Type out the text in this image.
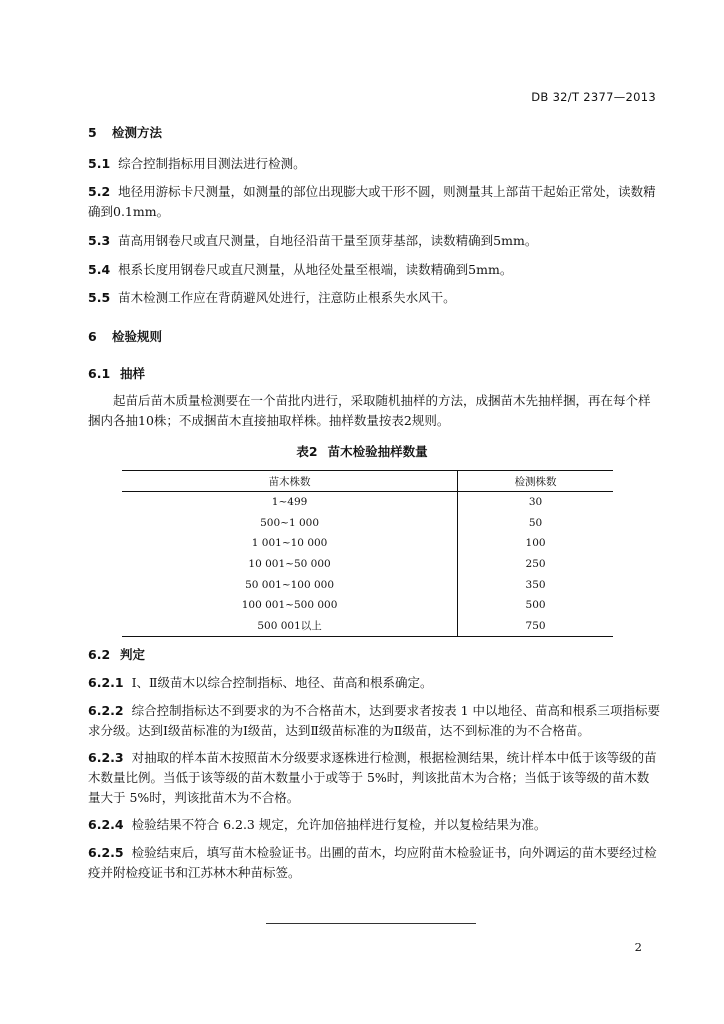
DB 32/T 2377—2013
5 检测方法
5.1 综合控制指标用目测法进行检测。
5.2 地径用游标卡尺测量，如测量的部位出现膨大或干形不圆，则测量其上部苗干起始正常处，读数精确到0.1mm。
5.3 苗高用钢卷尺或直尺测量，自地径沿苗干量至顶芽基部，读数精确到5mm。
5.4 根系长度用钢卷尺或直尺测量，从地径处量至根端，读数精确到5mm。
5.5 苗木检测工作应在背荫避风处进行，注意防止根系失水风干。
6 检验规则
6.1 抽样
起苗后苗木质量检测要在一个苗批内进行，采取随机抽样的方法，成捆苗木先抽样捆，再在每个样捆内各抽10株；不成捆苗木直接抽取样株。抽样数量按表2规则。
表2 苗木检验抽样数量
苗木株数	检测株数
1~499	30
500~1 000	50
1 001~10 000	100
10 001~50 000	250
50 001~100 000	350
100 001~500 000	500
500 001以上	750
6.2 判定
6.2.1 Ⅰ、Ⅱ级苗木以综合控制指标、地径、苗高和根系确定。
6.2.2 综合控制指标达不到要求的为不合格苗木，达到要求者按表 1 中以地径、苗高和根系三项指标要求分级。达到Ⅰ级苗标准的为Ⅰ级苗，达到Ⅱ级苗标准的为Ⅱ级苗，达不到标准的为不合格苗。
6.2.3 对抽取的样本苗木按照苗木分级要求逐株进行检测，根据检测结果，统计样本中低于该等级的苗木数量比例。当低于该等级的苗木数量小于或等于 5%时，判该批苗木为合格；当低于该等级的苗木数量大于 5%时，判该批苗木为不合格。
6.2.4 检验结果不符合 6.2.3 规定，允许加倍抽样进行复检，并以复检结果为准。
6.2.5 检验结束后，填写苗木检验证书。出圃的苗木，均应附苗木检验证书，向外调运的苗木要经过检疫并附检疫证书和江苏林木种苗标签。
2
